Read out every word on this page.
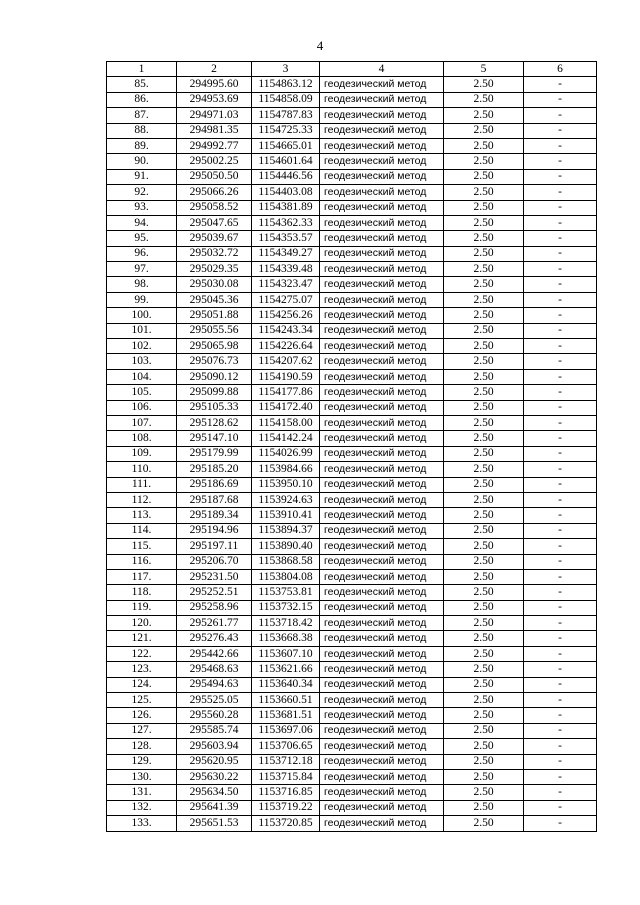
4
1	2	3	4	5	6
85.	294995.60	1154863.12	геодезический метод	2.50	-
86.	294953.69	1154858.09	геодезический метод	2.50	-
87.	294971.03	1154787.83	геодезический метод	2.50	-
88.	294981.35	1154725.33	геодезический метод	2.50	-
89.	294992.77	1154665.01	геодезический метод	2.50	-
90.	295002.25	1154601.64	геодезический метод	2.50	-
91.	295050.50	1154446.56	геодезический метод	2.50	-
92.	295066.26	1154403.08	геодезический метод	2.50	-
93.	295058.52	1154381.89	геодезический метод	2.50	-
94.	295047.65	1154362.33	геодезический метод	2.50	-
95.	295039.67	1154353.57	геодезический метод	2.50	-
96.	295032.72	1154349.27	геодезический метод	2.50	-
97.	295029.35	1154339.48	геодезический метод	2.50	-
98.	295030.08	1154323.47	геодезический метод	2.50	-
99.	295045.36	1154275.07	геодезический метод	2.50	-
100.	295051.88	1154256.26	геодезический метод	2.50	-
101.	295055.56	1154243.34	геодезический метод	2.50	-
102.	295065.98	1154226.64	геодезический метод	2.50	-
103.	295076.73	1154207.62	геодезический метод	2.50	-
104.	295090.12	1154190.59	геодезический метод	2.50	-
105.	295099.88	1154177.86	геодезический метод	2.50	-
106.	295105.33	1154172.40	геодезический метод	2.50	-
107.	295128.62	1154158.00	геодезический метод	2.50	-
108.	295147.10	1154142.24	геодезический метод	2.50	-
109.	295179.99	1154026.99	геодезический метод	2.50	-
110.	295185.20	1153984.66	геодезический метод	2.50	-
111.	295186.69	1153950.10	геодезический метод	2.50	-
112.	295187.68	1153924.63	геодезический метод	2.50	-
113.	295189.34	1153910.41	геодезический метод	2.50	-
114.	295194.96	1153894.37	геодезический метод	2.50	-
115.	295197.11	1153890.40	геодезический метод	2.50	-
116.	295206.70	1153868.58	геодезический метод	2.50	-
117.	295231.50	1153804.08	геодезический метод	2.50	-
118.	295252.51	1153753.81	геодезический метод	2.50	-
119.	295258.96	1153732.15	геодезический метод	2.50	-
120.	295261.77	1153718.42	геодезический метод	2.50	-
121.	295276.43	1153668.38	геодезический метод	2.50	-
122.	295442.66	1153607.10	геодезический метод	2.50	-
123.	295468.63	1153621.66	геодезический метод	2.50	-
124.	295494.63	1153640.34	геодезический метод	2.50	-
125.	295525.05	1153660.51	геодезический метод	2.50	-
126.	295560.28	1153681.51	геодезический метод	2.50	-
127.	295585.74	1153697.06	геодезический метод	2.50	-
128.	295603.94	1153706.65	геодезический метод	2.50	-
129.	295620.95	1153712.18	геодезический метод	2.50	-
130.	295630.22	1153715.84	геодезический метод	2.50	-
131.	295634.50	1153716.85	геодезический метод	2.50	-
132.	295641.39	1153719.22	геодезический метод	2.50	-
133.	295651.53	1153720.85	геодезический метод	2.50	-
